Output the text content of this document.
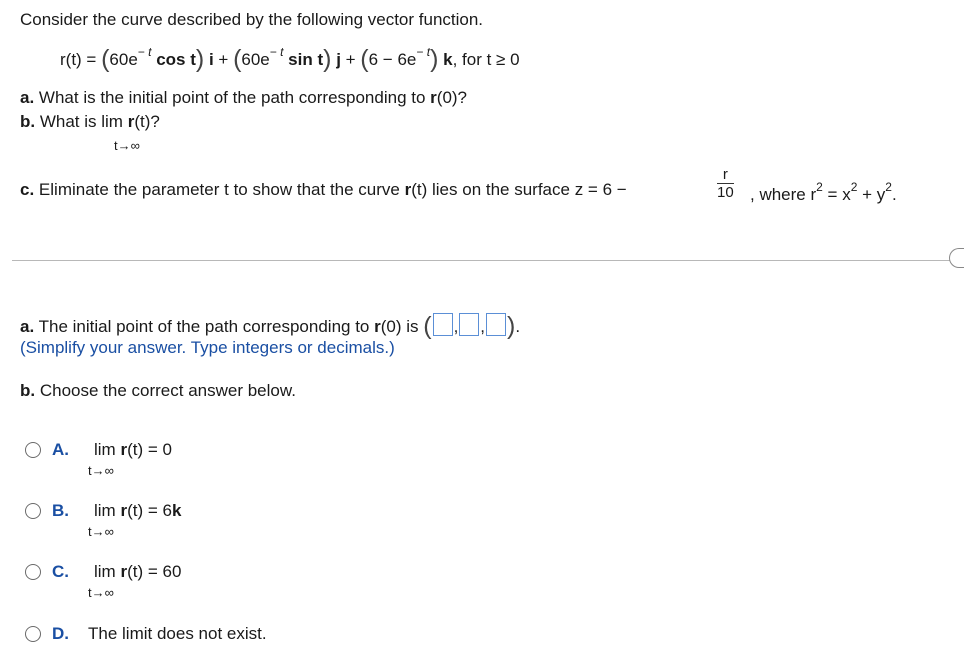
Consider the curve described by the following vector function.
$r(t) = (60e^{- t}$ cos t) $i + (60e^{- t}$ sin t) $j + (6 - 6e^{- t})$ k, for t ≥ 0
a. What is the initial point of the path corresponding to r(0)?
b. What is lim r(t)?
t→∞
c. Eliminate the parameter t to show that the curve r(t) lies on the surface z = 6 −	$\frac{r}{10}$ , where $r^2 = x^2 + y^2$.
a. The initial point of the path corresponding to r(0) is ( , , ).
(Simplify your answer. Type integers or decimals.)
b. Choose the correct answer below.
A. lim r(t) = 0
t→∞
B. lim r(t) = 6k
t→∞
C. lim r(t) = 60
t→∞
D. The limit does not exist.
